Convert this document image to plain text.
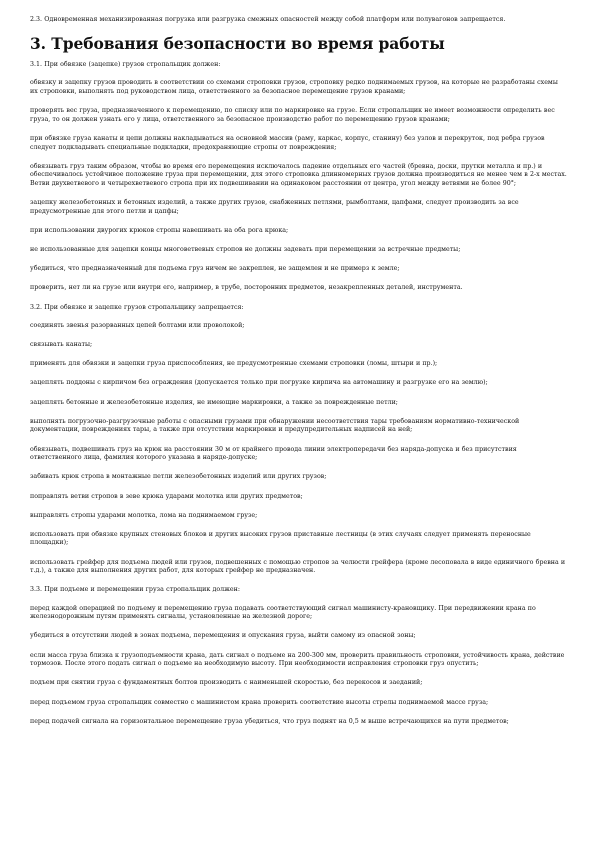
2.3. Одновременная механизированная погрузка или разгрузка смежных опасностей между собой платформ или полувагонов запрещается.

3. Требования безопасности во время работы

3.1. При обвязке (зацепке) грузов стропальщик должен:

обвязку и зацепку грузов проводить в соответствии со схемами строповки грузов, строповку редко поднимаемых грузов, на которые не разработаны схемы их строповки, выполнять под руководством лица, ответственного за безопасное перемещение грузов кранами;

проверять вес груза, предназначенного к перемещению, по списку или по маркировке на грузе. Если стропальщик не имеет возможности определить вес груза, то он должен узнать его у лица, ответственного за безопасное производство работ по перемещению грузов кранами;

при обвязке груза канаты и цепи должны накладываться на основной массив (раму, каркас, корпус, станину) без узлов и перекруток, под ребра грузов следует подкладывать специальные подкладки, предохраняющие стропы от повреждения;

обвязывать груз таким образом, чтобы во время его перемещения исключалось падение отдельных его частей (бревна, доски, прутки металла и пр.) и обеспечивалось устойчивое положение груза при перемещении, для этого строповка длинномерных грузов должна производиться не менее чем в 2-х местах. Ветви двухветвевого и четырехветвевого стропа при их подвешивании на одинаковом расстоянии от центра, угол между ветвями не более 90°;

зацепку железобетонных и бетонных изделий, а также других грузов, снабженных петлями, рымболтами, цапфами, следует производить за все предусмотренные для этого петли и цапфы;

при использовании двурогих крюков стропы навешивать на оба рога крюка;

не использованные для зацепки концы многоветвевых стропов не должны задевать при перемещении за встречные предметы;

убедиться, что предназначенный для подъема груз ничем не закреплен, не защемлен и не примерз к земле;

проверить, нет ли на грузе или внутри его, например, в трубе, посторонних предметов, незакрепленных деталей, инструмента.

3.2. При обвязке и зацепке грузов стропальщику запрещается:

соединять звенья разорванных цепей болтами или проволокой;

связывать канаты;

применять для обвязки и зацепки груза приспособления, не предусмотренные схемами строповки (ломы, штыри и пр.);

зацеплять поддоны с кирпичом без ограждения (допускается только при погрузке кирпича на автомашину и разгрузке его на землю);

зацеплять бетонные и железобетонные изделия, не имеющие маркировки, а также за поврежденные петли;

выполнять погрузочно-разгрузочные работы с опасными грузами при обнаружении несоответствия тары требованиям нормативно-технической документации, повреждениях тары, а также при отсутствии маркировки и предупредительных надписей на ней;

обвязывать, подвешивать груз на крюк на расстоянии 30 м от крайнего провода линии электропередачи без наряда-допуска и без присутствия ответственного лица, фамилия которого указана в наряде-допуске;

забивать крюк стропа в монтажные петли железобетонных изделий или других грузов;

поправлять ветви стропов в зеве крюка ударами молотка или других предметов;

выправлять стропы ударами молотка, лома на поднимаемом грузе;

использовать при обвязке крупных стеновых блоков и других высоких грузов приставные лестницы (в этих случаях следует применять переносные площадки);

использовать грейфер для подъема людей или грузов, подвешенных с помощью стропов за челюсти грейфера (кроме лесоповала в виде единичного бревна и т.д.), а также для выполнения других работ, для которых грейфер не предназначен.

3.3. При подъеме и перемещении груза стропальщик должен:

перед каждой операцией по подъему и перемещению груза подавать соответствующий сигнал машинисту-крановщику. При передвижении крана по железнодорожным путям применять сигналы, установленные на железной дороге;

убедиться в отсутствии людей в зонах подъема, перемещения и опускания груза, выйти самому из опасной зоны;

если масса груза близка к грузоподъемности крана, дать сигнал о подъеме на 200-300 мм, проверить правильность строповки, устойчивость крана, действие тормозов. После этого подать сигнал о подъеме на необходимую высоту. При необходимости исправления строповки груз опустить;

подъем при снятии груза с фундаментных болтов производить с наименьшей скоростью, без перекосов и заеданий;

перед подъемом груза стропальщик совместно с машинистом крана проверить соответствие высоты стрелы поднимаемой массе груза;

перед подачей сигнала на горизонтальное перемещение груза убедиться, что груз поднят на 0,5 м выше встречающихся на пути предметов;
